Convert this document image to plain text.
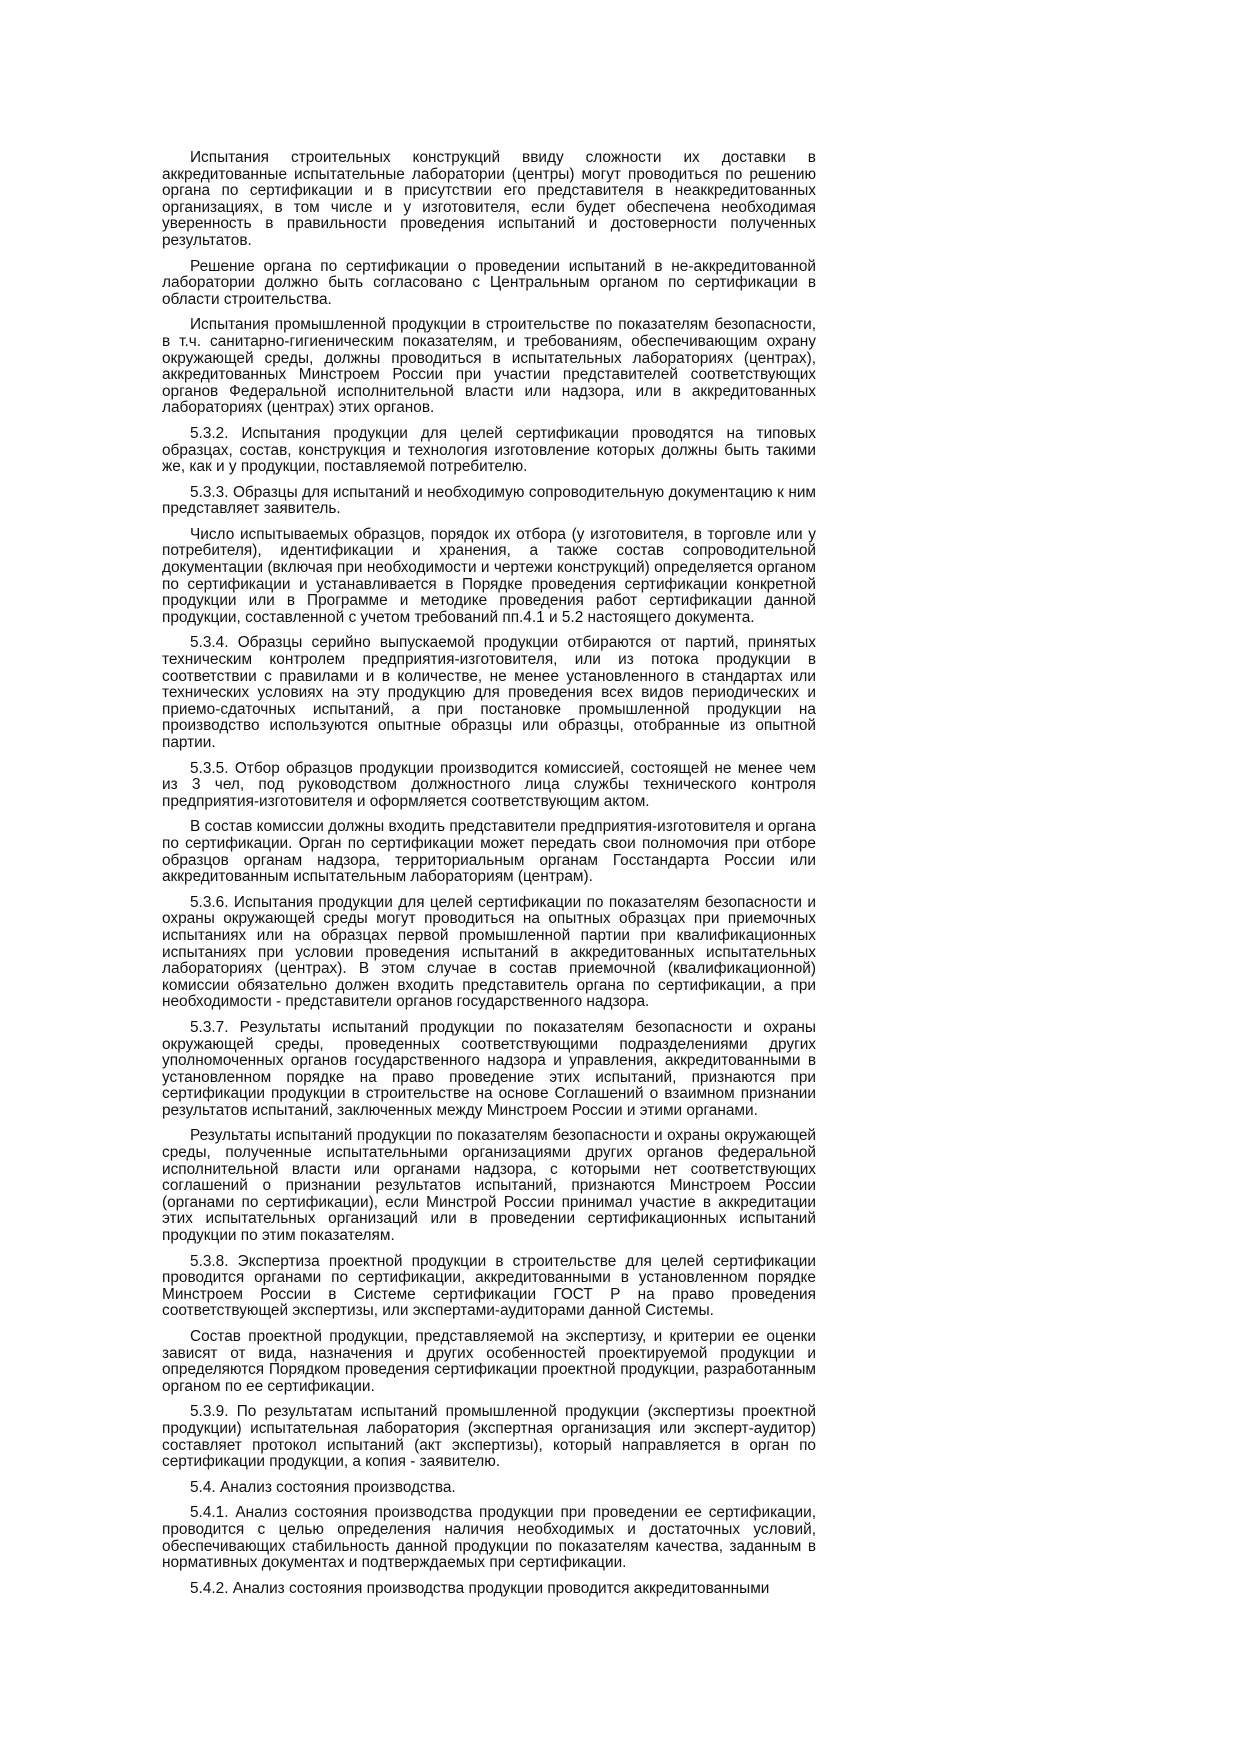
Испытания строительных конструкций ввиду сложности их доставки в аккредитованные испытательные лаборатории (центры) могут проводиться по решению органа по сертификации и в присутствии его представителя в неаккредитованных организациях, в том числе и у изготовителя, если будет обеспечена необходимая уверенность в правильности проведения испытаний и достоверности полученных результатов.

Решение органа по сертификации о проведении испытаний в не-аккредитованной лаборатории должно быть согласовано с Центральным органом по сертификации в области строительства.

Испытания промышленной продукции в строительстве по показателям безопасности, в т.ч. санитарно-гигиеническим показателям, и требованиям, обеспечивающим охрану окружающей среды, должны проводиться в испытательных лабораториях (центрах), аккредитованных Минстроем России при участии представителей соответствующих органов Федеральной исполнительной власти или надзора, или в аккредитованных лабораториях (центрах) этих органов.

5.3.2. Испытания продукции для целей сертификации проводятся на типовых образцах, состав, конструкция и технология изготовление которых должны быть такими же, как и у продукции, поставляемой потребителю.

5.3.3. Образцы для испытаний и необходимую сопроводительную документацию к ним представляет заявитель.

Число испытываемых образцов, порядок их отбора (у изготовителя, в торговле или у потребителя), идентификации и хранения, а также состав сопроводительной документации (включая при необходимости и чертежи конструкций) определяется органом по сертификации и устанавливается в Порядке проведения сертификации конкретной продукции или в Программе и методике проведения работ сертификации данной продукции, составленной с учетом требований пп.4.1 и 5.2 настоящего документа.

5.3.4. Образцы серийно выпускаемой продукции отбираются от партий, принятых техническим контролем предприятия-изготовителя, или из потока продукции в соответствии с правилами и в количестве, не менее установленного в стандартах или технических условиях на эту продукцию для проведения всех видов периодических и приемо-сдаточных испытаний, а при постановке промышленной продукции на производство используются опытные образцы или образцы, отобранные из опытной партии.

5.3.5. Отбор образцов продукции производится комиссией, состоящей не менее чем из 3 чел, под руководством должностного лица службы технического контроля предприятия-изготовителя и оформляется соответствующим актом.

В состав комиссии должны входить представители предприятия-изготовителя и органа по сертификации. Орган по сертификации может передать свои полномочия при отборе образцов органам надзора, территориальным органам Госстандарта России или аккредитованным испытательным лабораториям (центрам).

5.3.6. Испытания продукции для целей сертификации по показателям безопасности и охраны окружающей среды могут проводиться на опытных образцах при приемочных испытаниях или на образцах первой промышленной партии при квалификационных испытаниях при условии проведения испытаний в аккредитованных испытательных лабораториях (центрах). В этом случае в состав приемочной (квалификационной) комиссии обязательно должен входить представитель органа по сертификации, а при необходимости - представители органов государственного надзора.

5.3.7. Результаты испытаний продукции по показателям безопасности и охраны окружающей среды, проведенных соответствующими подразделениями других уполномоченных органов государственного надзора и управления, аккредитованными в установленном порядке на право проведение этих испытаний, признаются при сертификации продукции в строительстве на основе Соглашений о взаимном признании результатов испытаний, заключенных между Минстроем России и этими органами.

Результаты испытаний продукции по показателям безопасности и охраны окружающей среды, полученные испытательными организациями других органов федеральной исполнительной власти или органами надзора, с которыми нет соответствующих соглашений о признании результатов испытаний, признаются Минстроем России (органами по сертификации), если Минстрой России принимал участие в аккредитации этих испытательных организаций или в проведении сертификационных испытаний продукции по этим показателям.

5.3.8. Экспертиза проектной продукции в строительстве для целей сертификации проводится органами по сертификации, аккредитованными в установленном порядке Минстроем России в Системе сертификации ГОСТ Р на право проведения соответствующей экспертизы, или экспертами-аудиторами данной Системы.

Состав проектной продукции, представляемой на экспертизу, и критерии ее оценки зависят от вида, назначения и других особенностей проектируемой продукции и определяются Порядком проведения сертификации проектной продукции, разработанным органом по ее сертификации.

5.3.9. По результатам испытаний промышленной продукции (экспертизы проектной продукции) испытательная лаборатория (экспертная организация или эксперт-аудитор) составляет протокол испытаний (акт экспертизы), который направляется в орган по сертификации продукции, а копия - заявителю.

5.4. Анализ состояния производства.

5.4.1. Анализ состояния производства продукции при проведении ее сертификации, проводится с целью определения наличия необходимых и достаточных условий, обеспечивающих стабильность данной продукции по показателям качества, заданным в нормативных документах и подтверждаемых при сертификации.

5.4.2. Анализ состояния производства продукции проводится аккредитованными
